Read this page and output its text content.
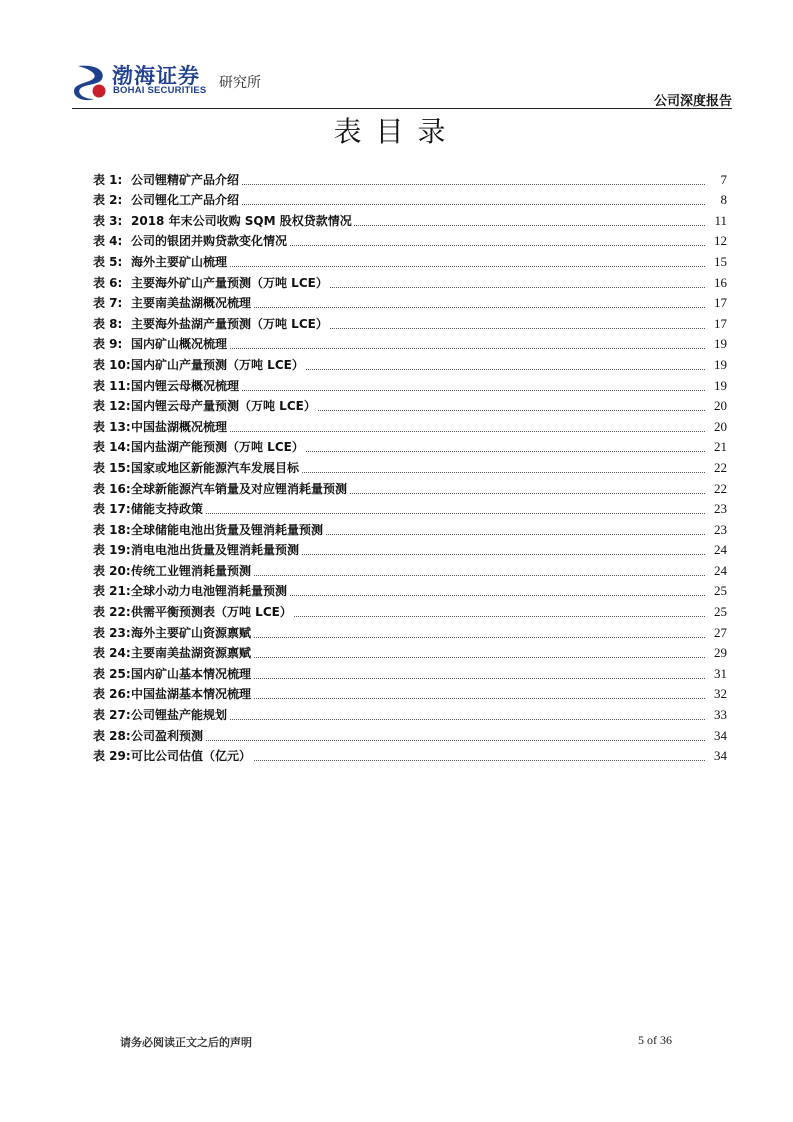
渤海证券
BOHAI SECURITIES 研究所
公司深度报告
表目录
表 1: 公司锂精矿产品介绍	7
表 2: 公司锂化工产品介绍	8
表 3: 2018 年末公司收购 SQM 股权贷款情况	11
表 4: 公司的银团并购贷款变化情况	12
表 5: 海外主要矿山梳理	15
表 6: 主要海外矿山产量预测（万吨 LCE）	16
表 7: 主要南美盐湖概况梳理	17
表 8: 主要海外盐湖产量预测（万吨 LCE）	17
表 9: 国内矿山概况梳理	19
表 10:国内矿山产量预测（万吨 LCE）	19
表 11:国内锂云母概况梳理	19
表 12:国内锂云母产量预测（万吨 LCE）	20
表 13:中国盐湖概况梳理	20
表 14:国内盐湖产能预测（万吨 LCE）	21
表 15:国家或地区新能源汽车发展目标	22
表 16:全球新能源汽车销量及对应锂消耗量预测	22
表 17:储能支持政策	23
表 18:全球储能电池出货量及锂消耗量预测	23
表 19:消电电池出货量及锂消耗量预测	24
表 20:传统工业锂消耗量预测	24
表 21:全球小动力电池锂消耗量预测	25
表 22:供需平衡预测表（万吨 LCE）	25
表 23:海外主要矿山资源禀赋	27
表 24:主要南美盐湖资源禀赋	29
表 25:国内矿山基本情况梳理	31
表 26:中国盐湖基本情况梳理	32
表 27:公司锂盐产能规划	33
表 28:公司盈利预测	34
表 29:可比公司估值（亿元）	34
请务必阅读正文之后的声明	5 of 36
